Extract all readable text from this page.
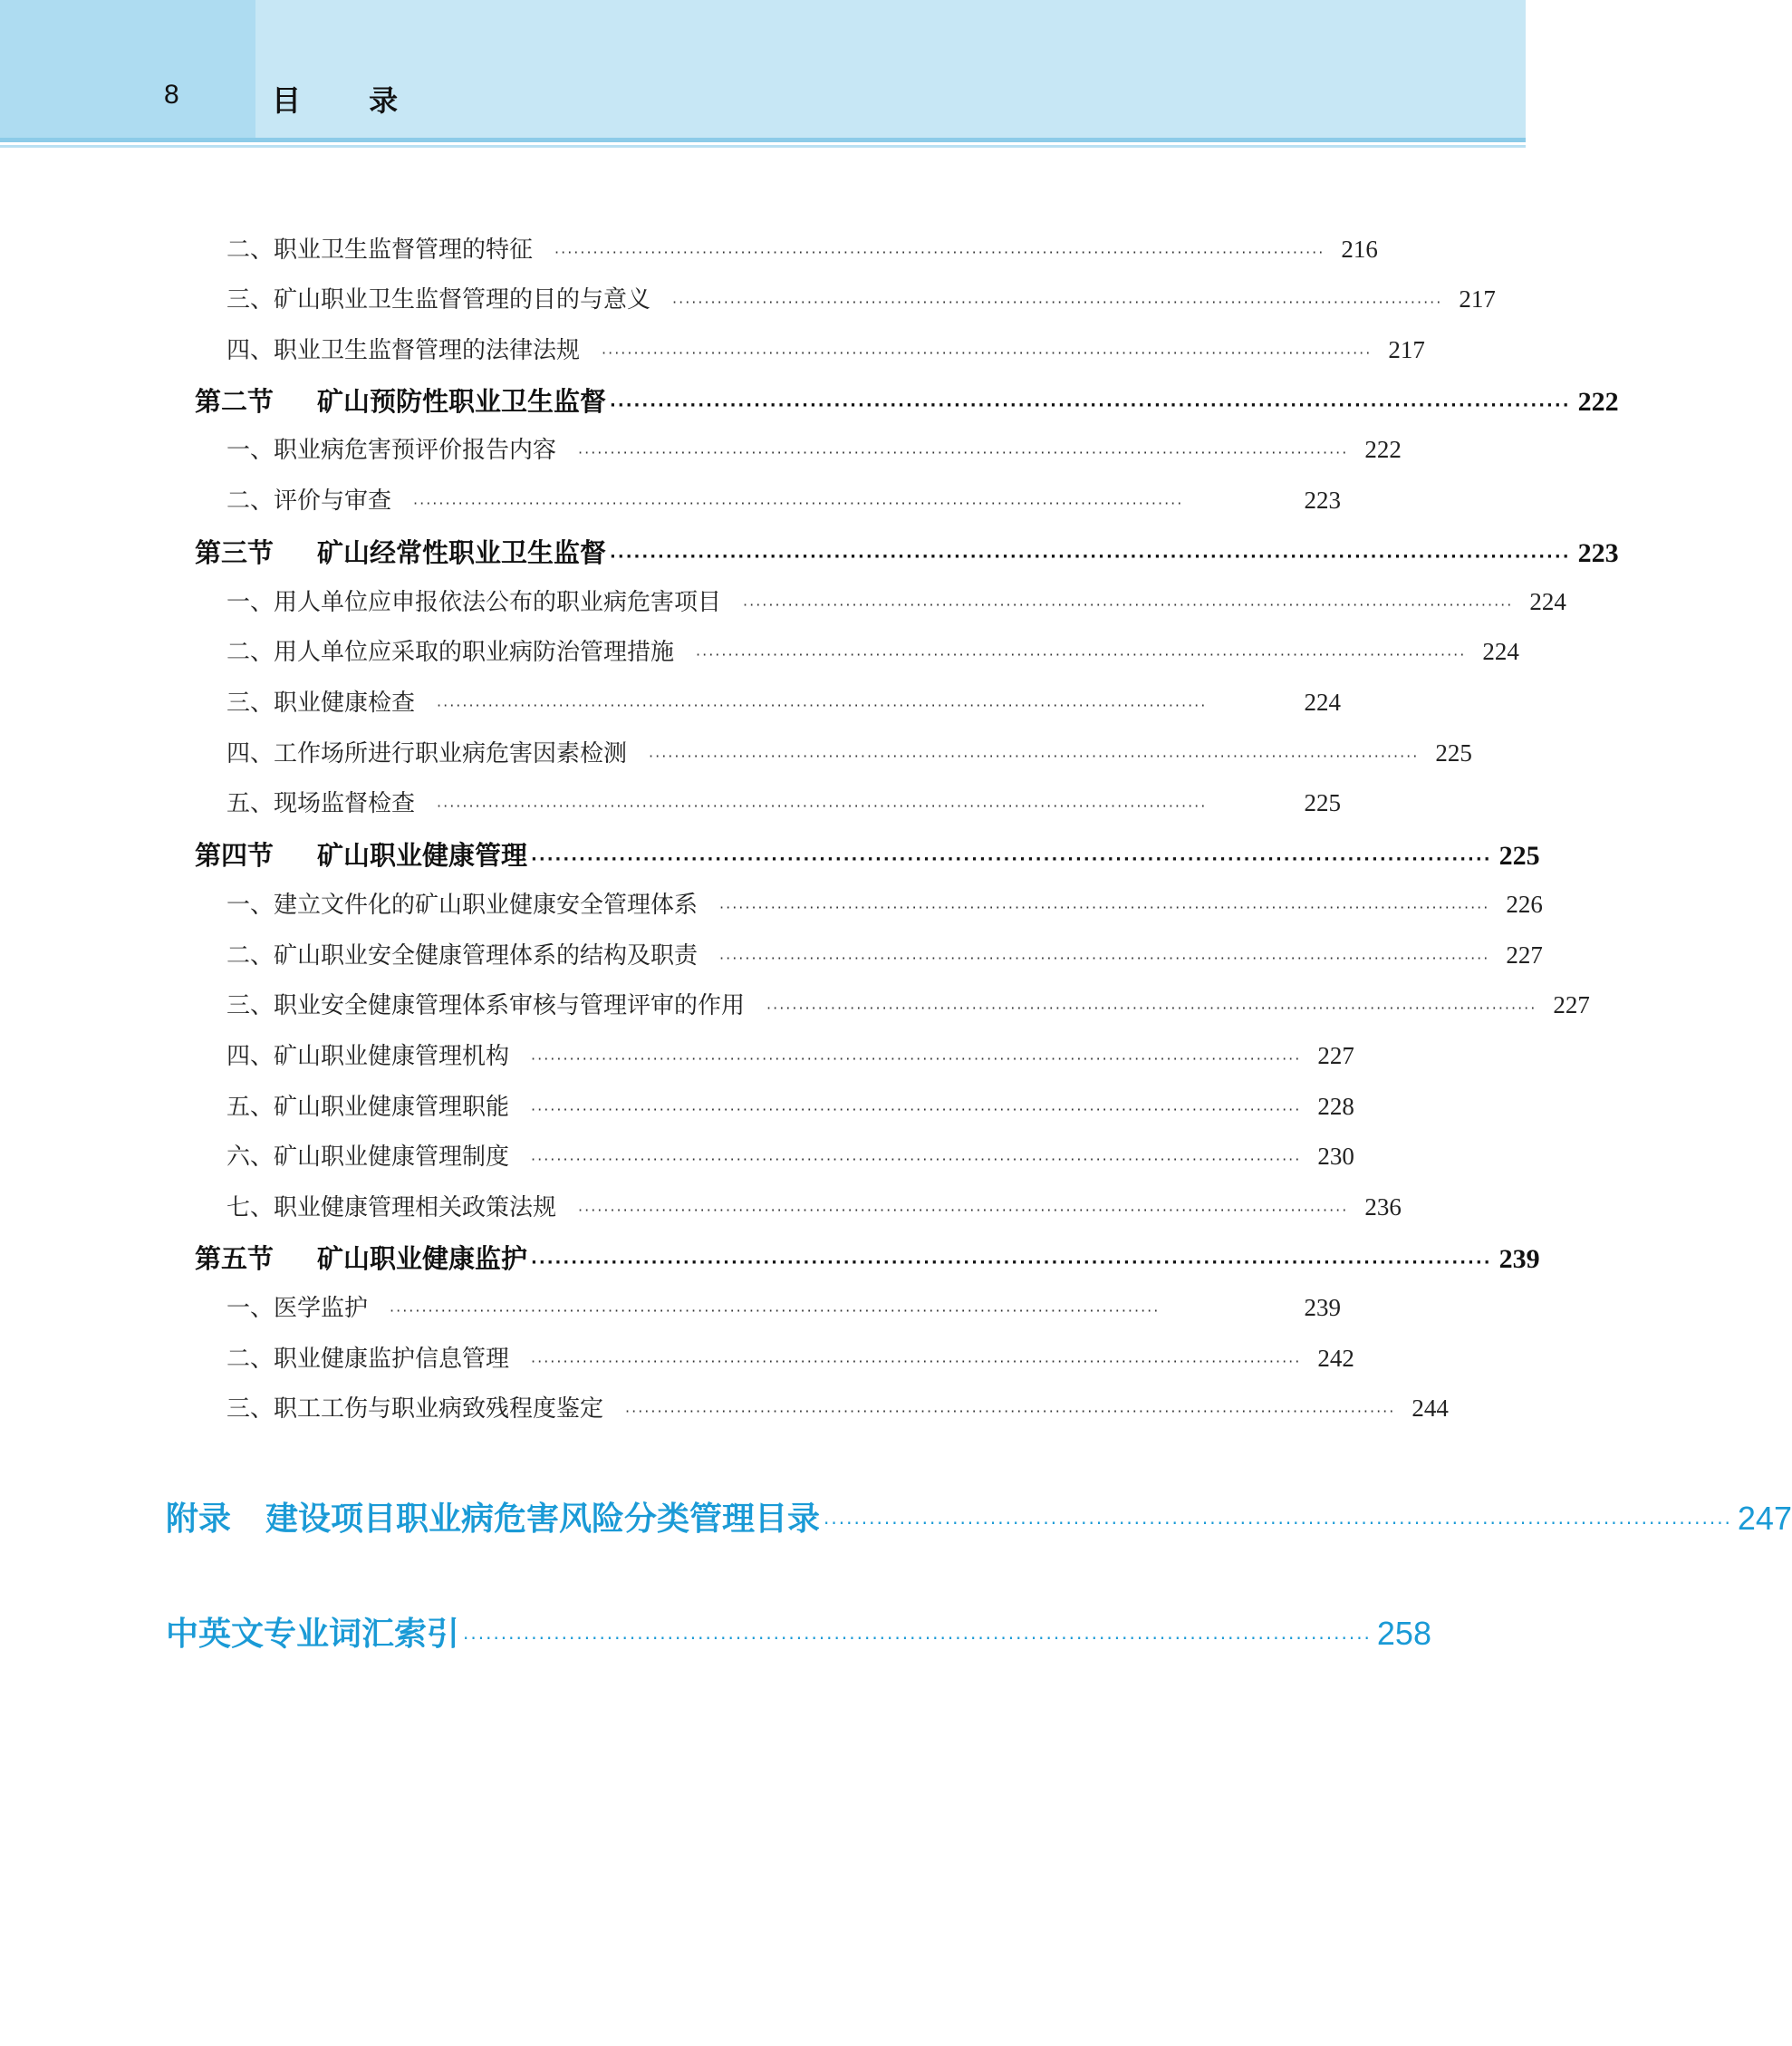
8	目 录
二、职业卫生监督管理的特征 ························································································································ 216
三、矿山职业卫生监督管理的目的与意义 ························································································································ 217
四、职业卫生监督管理的法律法规 ························································································································ 217
第二节 矿山预防性职业卫生监督 ························································································································ 222
一、职业病危害预评价报告内容 ························································································································ 222
二、评价与审查 ························································································································	223
第三节 矿山经常性职业卫生监督 ························································································································ 223
一、用人单位应申报依法公布的职业病危害项目 ························································································································ 224
二、用人单位应采取的职业病防治管理措施 ························································································································ 224
三、职业健康检查 ························································································································	224
四、工作场所进行职业病危害因素检测 ························································································································ 225
五、现场监督检查 ························································································································	225
第四节 矿山职业健康管理 ························································································································ 225
一、建立文件化的矿山职业健康安全管理体系 ························································································································ 226
二、矿山职业安全健康管理体系的结构及职责 ························································································································ 227
三、职业安全健康管理体系审核与管理评审的作用 ························································································································ 227
四、矿山职业健康管理机构 ························································································································ 227
五、矿山职业健康管理职能 ························································································································ 228
六、矿山职业健康管理制度 ························································································································ 230
七、职业健康管理相关政策法规 ························································································································ 236
第五节 矿山职业健康监护 ························································································································ 239
一、医学监护 ························································································································	239
二、职业健康监护信息管理 ························································································································ 242
三、职工工伤与职业病致残程度鉴定 ························································································································ 244
附录 建设项目职业病危害风险分类管理目录 ························································································································ 247
中英文专业词汇索引 ························································································································ 258
